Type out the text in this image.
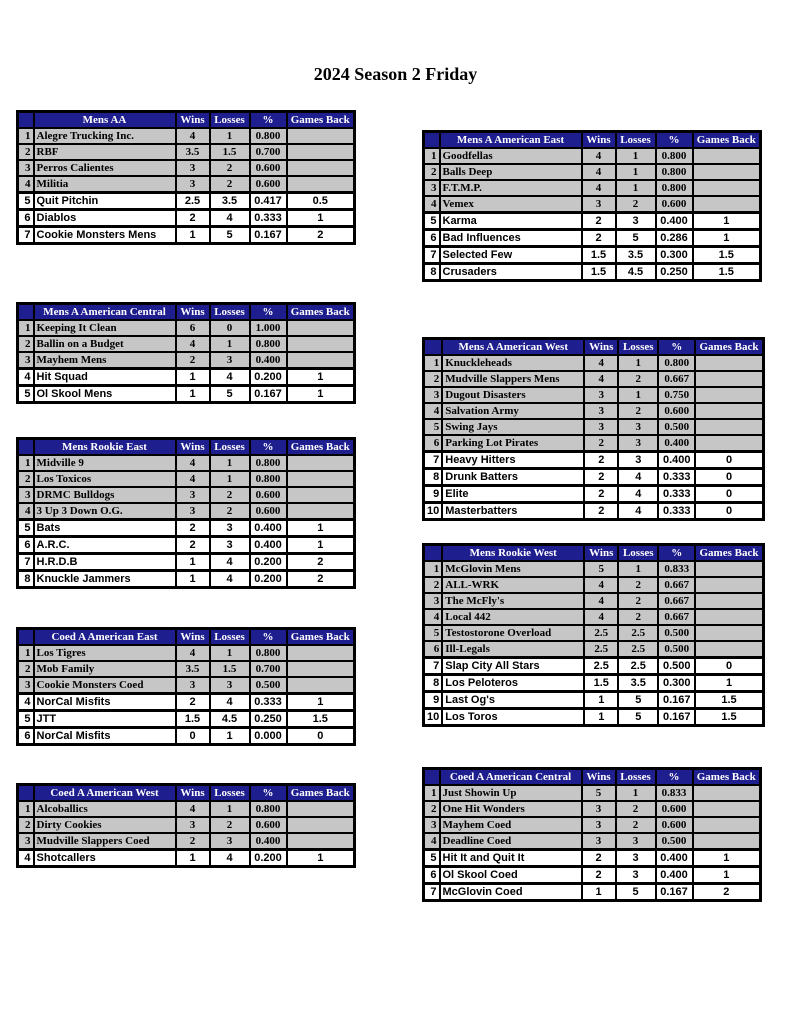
2024 Season 2 Friday
	Mens AA	Wins	Losses	%	Games Back
1	Alegre Trucking Inc.	4	1	0.800	
2	RBF	3.5	1.5	0.700	
3	Perros Calientes	3	2	0.600	
4	Militia	3	2	0.600	
5	Quit Pitchin	2.5	3.5	0.417	0.5
6	Diablos	2	4	0.333	1
7	Cookie Monsters Mens	1	5	0.167	2
	Mens A American Central	Wins	Losses	%	Games Back
1	Keeping It Clean	6	0	1.000	
2	Ballin on a Budget	4	1	0.800	
3	Mayhem Mens	2	3	0.400	
4	Hit Squad	1	4	0.200	1
5	Ol Skool Mens	1	5	0.167	1
	Mens Rookie East	Wins	Losses	%	Games Back
1	Midville 9	4	1	0.800	
2	Los Toxicos	4	1	0.800	
3	DRMC Bulldogs	3	2	0.600	
4	3 Up 3 Down O.G.	3	2	0.600	
5	Bats	2	3	0.400	1
6	A.R.C.	2	3	0.400	1
7	H.R.D.B	1	4	0.200	2
8	Knuckle Jammers	1	4	0.200	2
	Coed A American East	Wins	Losses	%	Games Back
1	Los Tigres	4	1	0.800	
2	Mob Family	3.5	1.5	0.700	
3	Cookie Monsters Coed	3	3	0.500	
4	NorCal Misfits	2	4	0.333	1
5	JTT	1.5	4.5	0.250	1.5
6	NorCal Misfits	0	1	0.000	0
	Coed A American West	Wins	Losses	%	Games Back
1	Alcoballics	4	1	0.800	
2	Dirty Cookies	3	2	0.600	
3	Mudville Slappers Coed	2	3	0.400	
4	Shotcallers	1	4	0.200	1
	Mens A American East	Wins	Losses	%	Games Back
1	Goodfellas	4	1	0.800	
2	Balls Deep	4	1	0.800	
3	F.T.M.P.	4	1	0.800	
4	Vemex	3	2	0.600	
5	Karma	2	3	0.400	1
6	Bad Influences	2	5	0.286	1
7	Selected Few	1.5	3.5	0.300	1.5
8	Crusaders	1.5	4.5	0.250	1.5
	Mens A American West	Wins	Losses	%	Games Back
1	Knuckleheads	4	1	0.800	
2	Mudville Slappers Mens	4	2	0.667	
3	Dugout Disasters	3	1	0.750	
4	Salvation Army	3	2	0.600	
5	Swing Jays	3	3	0.500	
6	Parking Lot Pirates	2	3	0.400	
7	Heavy Hitters	2	3	0.400	0
8	Drunk Batters	2	4	0.333	0
9	Elite	2	4	0.333	0
10	Masterbatters	2	4	0.333	0
	Mens Rookie West	Wins	Losses	%	Games Back
1	McGlovin Mens	5	1	0.833	
2	ALL-WRK	4	2	0.667	
3	The McFly's	4	2	0.667	
4	Local 442	4	2	0.667	
5	Testostorone Overload	2.5	2.5	0.500	
6	Ill-Legals	2.5	2.5	0.500	
7	Slap City All Stars	2.5	2.5	0.500	0
8	Los Peloteros	1.5	3.5	0.300	1
9	Last Og's	1	5	0.167	1.5
10	Los Toros	1	5	0.167	1.5
	Coed A American Central	Wins	Losses	%	Games Back
1	Just Showin Up	5	1	0.833	
2	One Hit Wonders	3	2	0.600	
3	Mayhem Coed	3	2	0.600	
4	Deadline Coed	3	3	0.500	
5	Hit It and Quit It	2	3	0.400	1
6	Ol Skool Coed	2	3	0.400	1
7	McGlovin Coed	1	5	0.167	2
